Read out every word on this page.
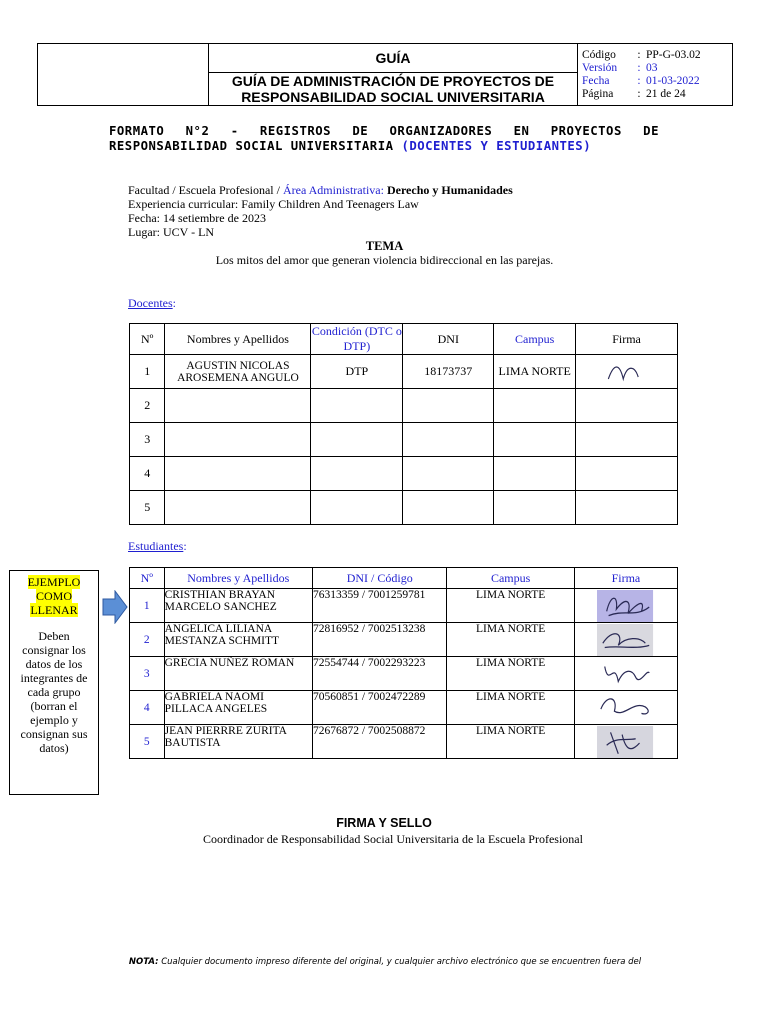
	GUÍA	Código	: PP-G-03.02
Versión	: 03
Fecha	: 01-03-2022
Página	: 21 de 24

GUÍA DE ADMINISTRACIÓN DE PROYECTOS DE RESPONSABILIDAD SOCIAL UNIVERSITARIA
FORMATO N°2 - REGISTROS DE ORGANIZADORES EN PROYECTOS DE RESPONSABILIDAD SOCIAL UNIVERSITARIA (DOCENTES Y ESTUDIANTES)
Facultad / Escuela Profesional / Área Administrativa: Derecho y Humanidades
Experiencia curricular: Family Children And Teenagers Law
Fecha: 14 setiembre de 2023
Lugar: UCV - LN
TEMA
Los mitos del amor que generan violencia bidireccional en las parejas.
Docentes:
Nº	Nombres y Apellidos	Condición (DTC o DTP)	DNI	Campus	Firma
1	AGUSTIN NICOLAS AROSEMENA ANGULO	DTP	18173737	LIMA NORTE	

2					
3					
4					
5					
Estudiantes:
Nº	Nombres y Apellidos	DNI / Código	Campus	Firma
1	CRISTHIAN BRAYAN MARCELO SANCHEZ	76313359 / 7001259781	LIMA NORTE	

2	ANGELICA LILIANA MESTANZA SCHMITT	72816952 / 7002513238	LIMA NORTE	

3	GRECIA NUÑEZ ROMAN	72554744 / 7002293223	LIMA NORTE	

4	GABRIELA NAOMI PILLACA ANGELES	70560851 / 7002472289	LIMA NORTE	

5	JEAN PIERRRE ZURITA BAUTISTA	72676872 / 7002508872	LIMA NORTE	
EJEMPLO COMO LLENAR
Deben consignar los datos de los integrantes de cada grupo (borran el ejemplo y consignan sus datos)
FIRMA Y SELLO
Coordinador de Responsabilidad Social Universitaria de la Escuela Profesional
NOTA: Cualquier documento impreso diferente del original, y cualquier archivo electrónico que se encuentren fuera del
